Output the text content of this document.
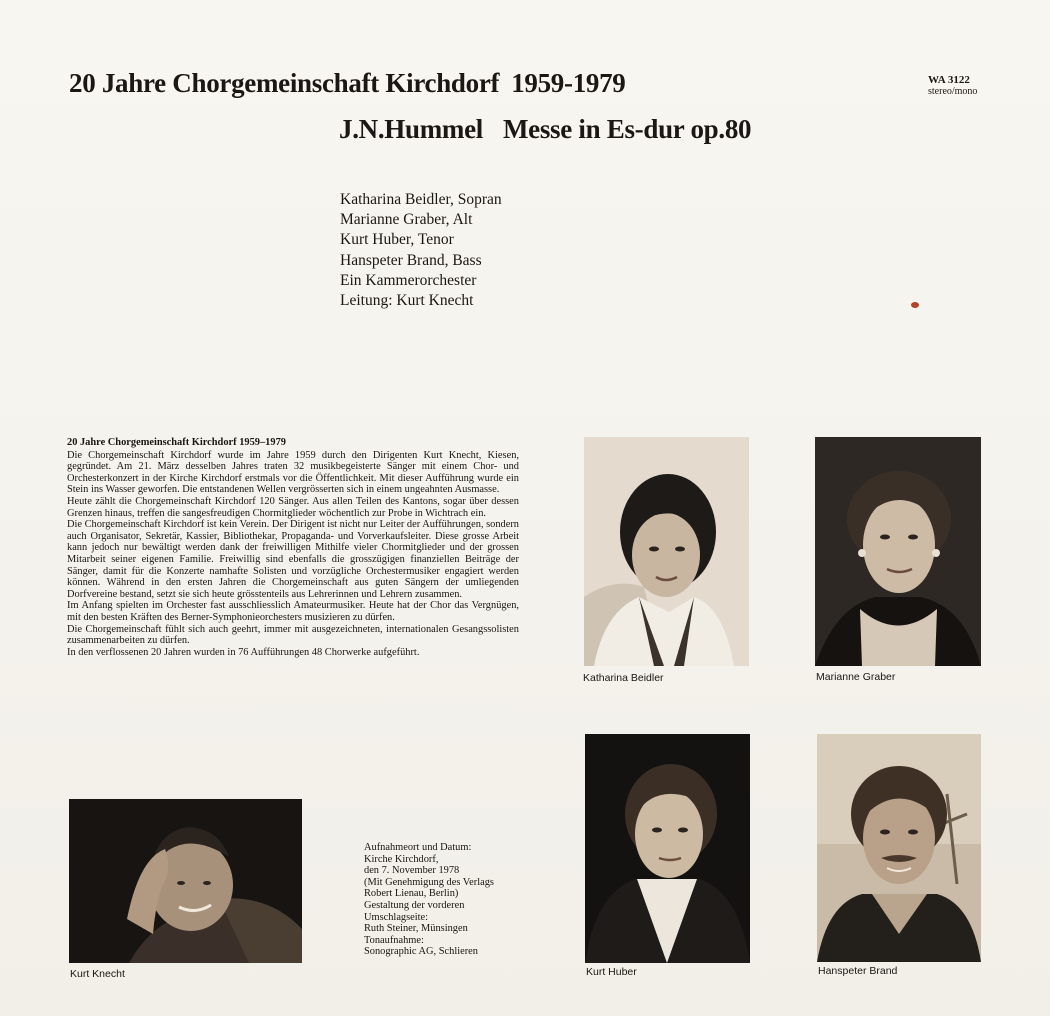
20 Jahre Chorgemeinschaft Kirchdorf 1959-1979
J.N.Hummel Messe in Es-dur op.80
WA 3122
stereo/mono
Katharina Beidler, Sopran
Marianne Graber, Alt
Kurt Huber, Tenor
Hanspeter Brand, Bass
Ein Kammerorchester
Leitung: Kurt Knecht
20 Jahre Chorgemeinschaft Kirchdorf 1959–1979

Die Chorgemeinschaft Kirchdorf wurde im Jahre 1959 durch den Dirigenten Kurt Knecht, Kiesen, gegründet. Am 21. März desselben Jahres traten 32 musikbegeisterte Sänger mit einem Chor- und Orchesterkonzert in der Kirche Kirchdorf erstmals vor die Öffentlichkeit. Mit dieser Aufführung wurde ein Stein ins Wasser geworfen. Die entstandenen Wellen vergrösserten sich in einem ungeahnten Ausmasse.

Heute zählt die Chorgemeinschaft Kirchdorf 120 Sänger. Aus allen Teilen des Kantons, sogar über dessen Grenzen hinaus, treffen die sangesfreudigen Chormitglieder wöchentlich zur Probe in Wichtrach ein.

Die Chorgemeinschaft Kirchdorf ist kein Verein. Der Dirigent ist nicht nur Leiter der Aufführungen, sondern auch Organisator, Sekretär, Kassier, Bibliothekar, Propaganda- und Vorverkaufsleiter. Diese grosse Arbeit kann jedoch nur bewältigt werden dank der freiwilligen Mithilfe vieler Chormitglieder und der grossen Mitarbeit seiner eigenen Familie. Freiwillig sind ebenfalls die grosszügigen finanziellen Beiträge der Sänger, damit für die Konzerte namhafte Solisten und vorzügliche Orchestermusiker engagiert werden können. Während in den ersten Jahren die Chorgemeinschaft aus guten Sängern der umliegenden Dorfvereine bestand, setzt sie sich heute grösstenteils aus Lehrerinnen und Lehrern zusammen.

Im Anfang spielten im Orchester fast ausschliesslich Amateurmusiker. Heute hat der Chor das Vergnügen, mit den besten Kräften des Berner-Symphonieorchesters musizieren zu dürfen.

Die Chorgemeinschaft fühlt sich auch geehrt, immer mit ausgezeichneten, internationalen Gesangssolisten zusammenarbeiten zu dürfen.

In den verflossenen 20 Jahren wurden in 76 Aufführungen 48 Chorwerke aufgeführt.

Katharina Beidler	Marianne Graber
Kurt Huber	Hanspeter Brand
Kurt Knecht
Aufnahmeort und Datum:
Kirche Kirchdorf,
den 7. November 1978
(Mit Genehmigung des Verlags
Robert Lienau, Berlin)
Gestaltung der vorderen
Umschlagseite:
Ruth Steiner, Münsingen
Tonaufnahme:
Sonographic AG, Schlieren
